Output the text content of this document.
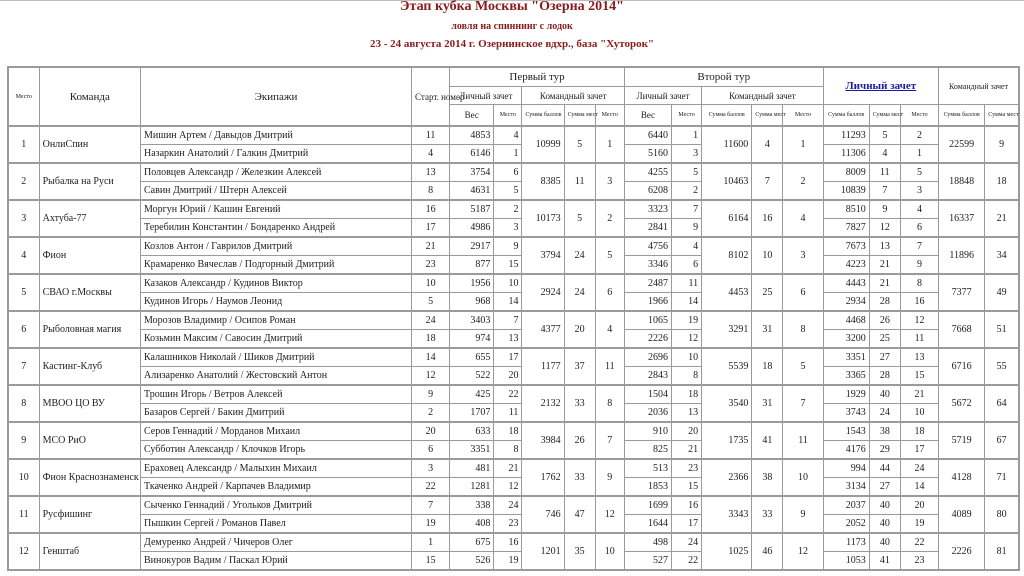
Этап кубка Москвы "Озерна 2014"
ловля на спиннинг с лодок
23 - 24 августа 2014 г. Озернинское вдхр., база "Хуторок"
Место	Команда	Экипажи	Старт. номер	Первый тур					Второй тур					Личный зачет			Командный зачет	
				Личный зачет		Командный зачет			Личный зачет		Командный зачет							
				Вес	Место	Сумма баллов	Сумма мест	Место	Вес	Место	Сумма баллов	Сумма мест	Место	Сумма баллов	Сумма мест	Место	Сумма баллов	Сумма мест
1	ОнлиСпин	Мишин Артем / Давыдов Дмитрий	11	4853	4	10999	5	1	6440	1	11600	4	1	11293	5	2	22599	9
		Назаркин Анатолий / Галкин Дмитрий	4	6146	1				5160	3				11306	4	1		
2	Рыбалка на Руси	Половцев Александр / Железкин Алексей	13	3754	6	8385	11	3	4255	5	10463	7	2	8009	11	5	18848	18
		Савин Дмитрий / Штерн Алексей	8	4631	5				6208	2				10839	7	3		
3	Ахтуба-77	Моргун Юрий / Кашин Евгений	16	5187	2	10173	5	2	3323	7	6164	16	4	8510	9	4	16337	21
		Теребилин Константин / Бондаренко Андрей	17	4986	3				2841	9				7827	12	6		
4	Фион	Козлов Антон / Гаврилов Дмитрий	21	2917	9	3794	24	5	4756	4	8102	10	3	7673	13	7	11896	34
		Крамаренко Вячеслав / Подгорный Дмитрий	23	877	15				3346	6				4223	21	9		
5	СВАО г.Москвы	Казаков Александр / Кудинов Виктор	10	1956	10	2924	24	6	2487	11	4453	25	6	4443	21	8	7377	49
		Кудинов Игорь / Наумов Леонид	5	968	14				1966	14				2934	28	16		
6	Рыболовная магия	Морозов Владимир / Осипов Роман	24	3403	7	4377	20	4	1065	19	3291	31	8	4468	26	12	7668	51
		Козьмин Максим / Савосин Дмитрий	18	974	13				2226	12				3200	25	11		
7	Кастинг-Клуб	Калашников Николай / Шиков Дмитрий	14	655	17	1177	37	11	2696	10	5539	18	5	3351	27	13	6716	55
		Ализаренко Анатолий / Жестовский Антон	12	522	20				2843	8				3365	28	15		
8	МВОО ЦО ВУ	Трошин Игорь / Ветров Алексей	9	425	22	2132	33	8	1504	18	3540	31	7	1929	40	21	5672	64
		Базаров Сергей / Бакин Дмитрий	2	1707	11				2036	13				3743	24	10		
9	МСО РиО	Серов Геннадий / Морданов Михаил	20	633	18	3984	26	7	910	20	1735	41	11	1543	38	18	5719	67
		Субботин Александр / Клочков Игорь	6	3351	8				825	21				4176	29	17		
10	Фион Краснознаменск	Ераховец Александр / Малыхин Михаил	3	481	21	1762	33	9	513	23	2366	38	10	994	44	24	4128	71
		Ткаченко Андрей / Карпачев Владимир	22	1281	12				1853	15				3134	27	14		
11	Русфишинг	Сыченко Геннадий / Угольков Дмитрий	7	338	24	746	47	12	1699	16	3343	33	9	2037	40	20	4089	80
		Пышкин Сергей / Романов Павел	19	408	23				1644	17				2052	40	19		
12	Генштаб	Демуренко Андрей / Чичеров Олег	1	675	16	1201	35	10	498	24	1025	46	12	1173	40	22	2226	81
		Винокуров Вадим / Паскал Юрий	15	526	19				527	22				1053	41	23		
